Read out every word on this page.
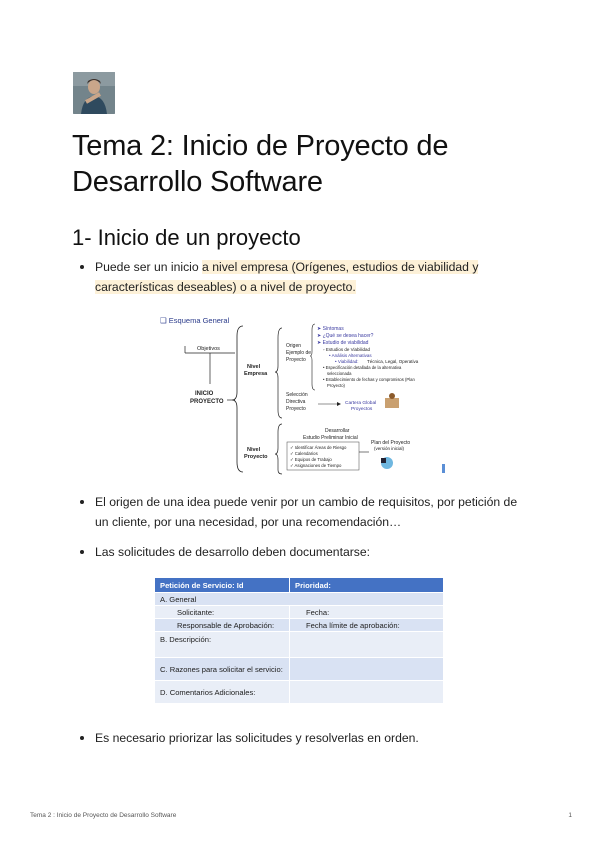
Tema 2: Inicio de Proyecto de Desarrollo Software
1- Inicio de un proyecto
Puede ser un inicio a nivel empresa (Orígenes, estudios de viabilidad y características deseables) o a nivel de proyecto.
❑ Esquema General
Objetivos
INICIO
PROYECTO
Nivel
Empresa
Nivel
Proyecto
Origen
Ejemplo de
Proyecto
➤ Síntomas
➤ ¿Qué se desea hacer?
➤ Estudio de viabilidad
◦ Estudios de Viabilidad
• Análisis Alternativas
• Viabilidad: Técnica, Legal, Operativa
• Especificación detallada de la alternativa
seleccionada
• Establecimiento de fechas y compromisos (Plan
Proyecto)
Selección
Directiva
Proyecto
Cartera Global
Proyectos
Desarrollar
Estudio Preliminar Inicial
✓ Identificar Áreas de Riesgo
✓ Calendarios
✓ Equipos de Trabajo
✓ Asignaciones de Tiempo
Plan del Proyecto
(versión inicial)
El origen de una idea puede venir por un cambio de requisitos, por petición de un cliente, por una necesidad, por una recomendación…
Las solicitudes de desarrollo deben documentarse:
Petición de Servicio: Id	Prioridad:
A. General	
Solicitante:	Fecha:
Responsable de Aprobación:	Fecha límite de aprobación:
B. Descripción:	
C. Razones para solicitar el servicio:	
D. Comentarios Adicionales:	
Es necesario priorizar las solicitudes y resolverlas en orden.
Tema 2 : Inicio de Proyecto de Desarrollo Software	1
